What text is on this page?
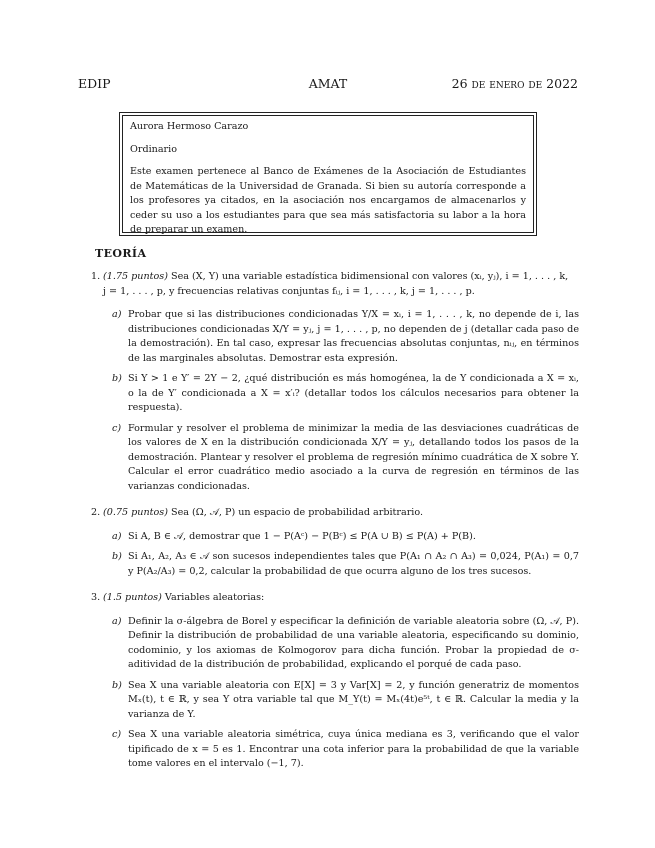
EDIP	AMAT	26 de enero de 2022

Aurora Hermoso Carazo

Ordinario

Este examen pertenece al Banco de Exámenes de la Asociación de Estudiantes de Matemáticas de la Universidad de Granada. Si bien su autoría corresponde a los profesores ya citados, en la asociación nos encargamos de almacenarlos y ceder su uso a los estudiantes para que sea más satisfactoria su labor a la hora de preparar un examen.

TEORÍA
1. (1.75 puntos) Sea (X, Y) una variable estadística bidimensional con valores (xᵢ, yⱼ), i = 1, . . . , k,
j = 1, . . . , p, y frecuencias relativas conjuntas fᵢⱼ, i = 1, . . . , k, j = 1, . . . , p.
a) Probar que si las distribuciones condicionadas Y/X = xᵢ, i = 1, . . . , k, no depende de i, las distribuciones condicionadas X/Y = yⱼ, j = 1, . . . , p, no dependen de j (detallar cada paso de la demostración). En tal caso, expresar las frecuencias absolutas conjuntas, nᵢⱼ, en términos de las marginales absolutas. Demostrar esta expresión.
b) Si Y > 1 e Y′ = 2Y − 2, ¿qué distribución es más homogénea, la de Y condicionada a X = xᵢ, o la de Y′ condicionada a X = x′ᵢ? (detallar todos los cálculos necesarios para obtener la respuesta).
c) Formular y resolver el problema de minimizar la media de las desviaciones cuadráticas de los valores de X en la distribución condicionada X/Y = yⱼ, detallando todos los pasos de la demostración. Plantear y resolver el problema de regresión mínimo cuadrática de X sobre Y. Calcular el error cuadrático medio asociado a la curva de regresión en términos de las varianzas condicionadas.
2. (0.75 puntos) Sea (Ω, 𝒜, P) un espacio de probabilidad arbitrario.
a) Si A, B ∈ 𝒜, demostrar que 1 − P(Aᶜ) − P(Bᶜ) ≤ P(A ∪ B) ≤ P(A) + P(B).
b) Si A₁, A₂, A₃ ∈ 𝒜 son sucesos independientes tales que P(A₁ ∩ A₂ ∩ A₃) = 0,024, P(A₁) = 0,7 y P(A₂/A₃) = 0,2, calcular la probabilidad de que ocurra alguno de los tres sucesos.
3. (1.5 puntos) Variables aleatorias:
a) Definir la σ-álgebra de Borel y especificar la definición de variable aleatoria sobre (Ω, 𝒜, P). Definir la distribución de probabilidad de una variable aleatoria, especificando su dominio, codominio, y los axiomas de Kolmogorov para dicha función. Probar la propiedad de σ-aditividad de la distribución de probabilidad, explicando el porqué de cada paso.
b) Sea X una variable aleatoria con E[X] = 3 y Var[X] = 2, y función generatriz de momentos Mₓ(t), t ∈ ℝ, y sea Y otra variable tal que M_Y(t) = Mₓ(4t)e⁵ᵗ, t ∈ ℝ. Calcular la media y la varianza de Y.
c) Sea X una variable aleatoria simétrica, cuya única mediana es 3, verificando que el valor tipificado de x = 5 es 1. Encontrar una cota inferior para la probabilidad de que la variable tome valores en el intervalo (−1, 7).
